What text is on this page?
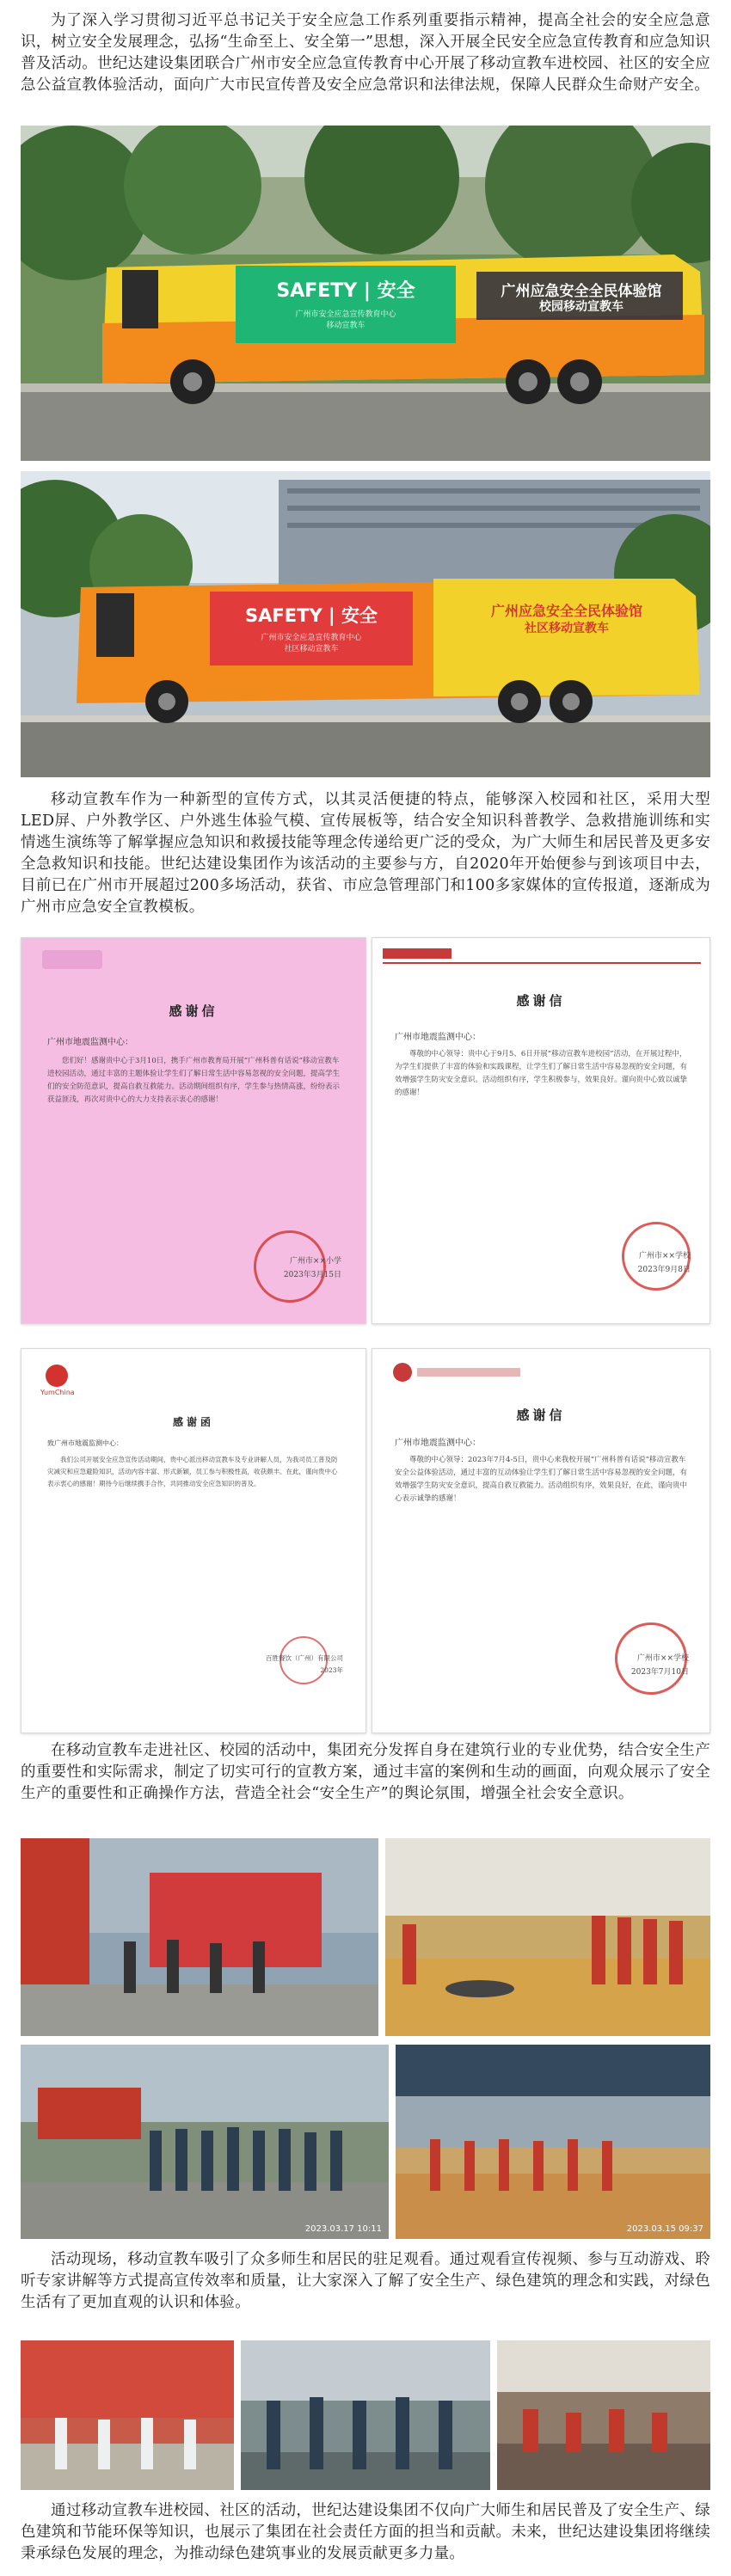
为了深入学习贯彻习近平总书记关于安全应急工作系列重要指示精神，提高全社会的安全应急意识，树立安全发展理念，弘扬“生命至上、安全第一”思想，深入开展全民安全应急宣传教育和应急知识普及活动。世纪达建设集团联合广州市安全应急宣传教育中心开展了移动宣教车进校园、社区的安全应急公益宣教体验活动，面向广大市民宣传普及安全应急常识和法律法规，保障人民群众生命财产安全。

SAFETY | 安全
广州市安全应急宣传教育中心
移动宣教车
广州应急安全全民体验馆
校园移动宣教车
SAFETY | 安全
广州市安全应急宣传教育中心
社区移动宣教车
广州应急安全全民体验馆
社区移动宣教车

移动宣教车作为一种新型的宣传方式，以其灵活便捷的特点，能够深入校园和社区，采用大型LED屏、户外教学区、户外逃生体验气模、宣传展板等，结合安全知识科普教学、急救措施训练和实情逃生演练等了解掌握应急知识和救援技能等理念传递给更广泛的受众，为广大师生和居民普及更多安全急救知识和技能。世纪达建设集团作为该活动的主要参与方，自2020年开始便参与到该项目中去，目前已在广州市开展超过200多场活动，获省、市应急管理部门和100多家媒体的宣传报道，逐渐成为广州市应急安全宣教模板。

感谢信

广州市地震监测中心：
您们好！感谢贵中心于3月10日，携手广州市教育局开展“广州科普有话说”移动宣教车进校园活动，通过丰富的主题体验让学生们了解日常生活中容易忽视的安全问题，提高学生们的安全防范意识，提高自救互救能力。活动期间组织有序，学生参与热情高涨，纷纷表示获益匪浅，再次对贵中心的大力支持表示衷心的感谢！
广州市××小学
2023年3月15日

感谢信

广州市地震监测中心：
尊敬的中心领导：贵中心于9月5、6日开展“移动宣教车进校园”活动，在开展过程中，为学生们提供了丰富的体验和实践课程，让学生们了解日常生活中容易忽视的安全问题，有效增强学生防灾安全意识。活动组织有序，学生积极参与，效果良好。谨向贵中心致以诚挚的感谢！
广州市××学校
2023年9月8日
YumChina

感谢函

致广州市地震监测中心：
我们公司开展安全应急宣传活动期间，贵中心派出移动宣教车及专业讲解人员，为我司员工普及防灾减灾和应急避险知识，活动内容丰富、形式新颖，员工参与积极性高，收获颇丰。在此，谨向贵中心表示衷心的感谢！期待今后继续携手合作，共同推动安全应急知识的普及。
百胜餐饮（广州）有限公司
2023年

感谢信

广州市地震监测中心：
尊敬的中心领导：2023年7月4-5日，贵中心来我校开展“广州科普有话说”移动宣教车安全公益体验活动，通过丰富的互动体验让学生们了解日常生活中容易忽视的安全问题，有效增强学生防灾安全意识，提高自救互救能力。活动组织有序，效果良好，在此，谨向贵中心表示诚挚的感谢！
广州市××学校
2023年7月10日

在移动宣教车走进社区、校园的活动中，集团充分发挥自身在建筑行业的专业优势，结合安全生产的重要性和实际需求，制定了切实可行的宣教方案，通过丰富的案例和生动的画面，向观众展示了安全生产的重要性和正确操作方法，营造全社会“安全生产”的舆论氛围，增强全社会安全意识。

2023.03.17 10:11	2023.03.15 09:37

活动现场，移动宣教车吸引了众多师生和居民的驻足观看。通过观看宣传视频、参与互动游戏、聆听专家讲解等方式提高宣传效率和质量，让大家深入了解了安全生产、绿色建筑的理念和实践，对绿色生活有了更加直观的认识和体验。

通过移动宣教车进校园、社区的活动，世纪达建设集团不仅向广大师生和居民普及了安全生产、绿色建筑和节能环保等知识，也展示了集团在社会责任方面的担当和贡献。未来，世纪达建设集团将继续秉承绿色发展的理念，为推动绿色建筑事业的发展贡献更多力量。
